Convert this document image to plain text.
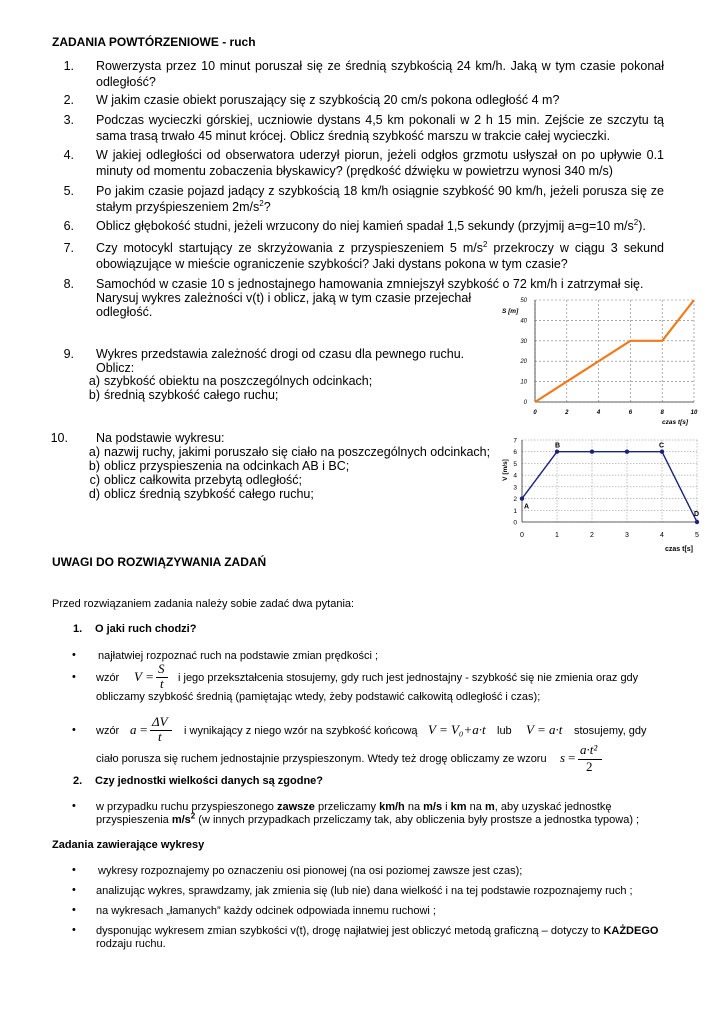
ZADANIA POWTÓRZENIOWE - ruch
1. Rowerzysta przez 10 minut poruszał się ze średnią szybkością 24 km/h. Jaką w tym czasie pokonał odległość?
2. W jakim czasie obiekt poruszający się z szybkością 20 cm/s pokona odległość 4 m?
3. Podczas wycieczki górskiej, uczniowie dystans 4,5 km pokonali w 2 h 15 min. Zejście ze szczytu tą sama trasą trwało 45 minut krócej. Oblicz średnią szybkość marszu w trakcie całej wycieczki.
4. W jakiej odległości od obserwatora uderzył piorun, jeżeli odgłos grzmotu usłyszał on po upływie 0.1 minuty od momentu zobaczenia błyskawicy? (prędkość dźwięku w powietrzu wynosi 340 m/s)
5. Po jakim czasie pojazd jadący z szybkością 18 km/h osiągnie szybkość 90 km/h, jeżeli porusza się ze stałym przyśpieszeniem $2m/s^2$?
6. Oblicz głębokość studni, jeżeli wrzucony do niej kamień spadał 1,5 sekundy (przyjmij a=g=10 $m/s^2$).
7. Czy motocykl startujący ze skrzyżowania z przyspieszeniem 5 $m/s^2$ przekroczy w ciągu 3 sekund obowiązujące w mieście ograniczenie szybkości? Jaki dystans pokona w tym czasie?
8. Samochód w czasie 10 s jednostajnego hamowania zmniejszył szybkość o 72 km/h i zatrzymał się.
Narysuj wykres zależności v(t) i oblicz, jaką w tym czasie przejechał
odległość.
9. Wykres przedstawia zależność drogi od czasu dla pewnego ruchu.
Oblicz:
a) szybkość obiektu na poszczególnych odcinkach;
b) średnią szybkość całego ruchu;
10. Na podstawie wykresu:
a) nazwij ruchy, jakimi poruszało się ciało na poszczególnych odcinkach;
b) oblicz przyspieszenia na odcinkach AB i BC;
c) oblicz całkowita przebytą odległość;
d) oblicz średnią szybkość całego ruchu;
0	2	4	6	8	10
0
10
20
30
40
50
S [m]
czas t[s]
0	1	2	3	4	5
0
1
2
3
4
5
6
7
A
B	C
D
V [m/s]
czas t[s]
UWAGI DO ROZWIĄZYWANIA ZADAŃ
Przed rozwiązaniem zadania należy sobie zadać dwa pytania:
1. O jaki ruch chodzi?
• najłatwiej rozpoznać ruch na podstawie zmian prędkości ;
• wzór V =
S
t i jego przekształcenia stosujemy, gdy ruch jest jednostajny - szybkość się nie zmienia oraz gdy
obliczamy szybkość średnią (pamiętając wtedy, żeby podstawić całkowitą odległość i czas);
• wzór a =
ΔV
t i wynikający z niego wzór na szybkość końcową V = V₀+a·t lub V = a·t stosujemy, gdy
ciało porusza się ruchem jednostajnie przyspieszonym. Wtedy też drogę obliczamy ze wzoru s =
a·t²
2
2. Czy jednostki wielkości danych są zgodne?
• w przypadku ruchu przyspieszonego zawsze przeliczamy km/h na m/s i km na m, aby uzyskać jednostkę
przyspieszenia $m/s^2$ (w innych przypadkach przeliczamy tak, aby obliczenia były prostsze a jednostka typowa) ;
Zadania zawierające wykresy
• wykresy rozpoznajemy po oznaczeniu osi pionowej (na osi poziomej zawsze jest czas);
• analizując wykres, sprawdzamy, jak zmienia się (lub nie) dana wielkość i na tej podstawie rozpoznajemy ruch ;
• na wykresach „łamanych” każdy odcinek odpowiada innemu ruchowi ;
• dysponując wykresem zmian szybkości v(t), drogę najłatwiej jest obliczyć metodą graficzną – dotyczy to KAŻDEGO
rodzaju ruchu.
